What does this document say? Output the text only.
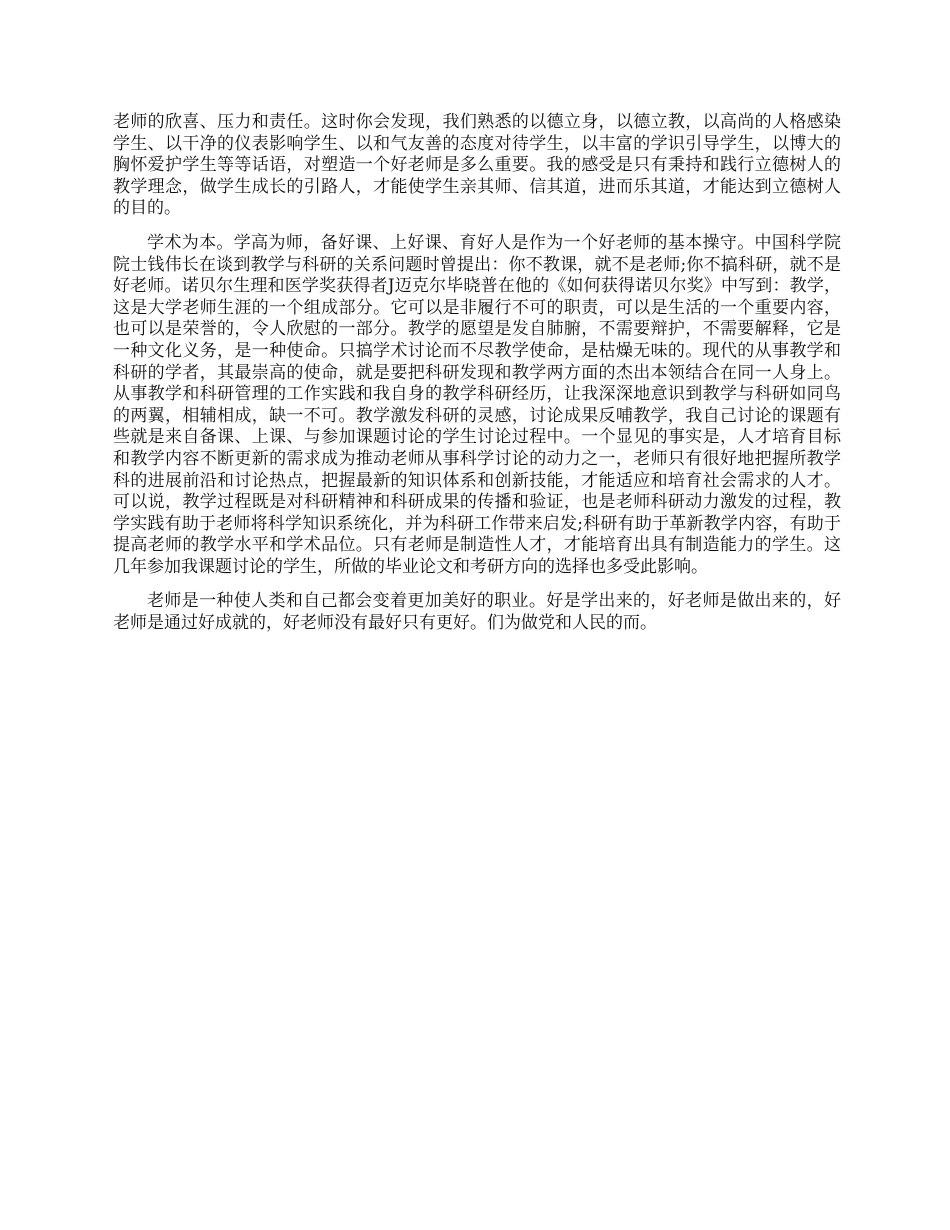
老师的欣喜、压力和责任。这时你会发现，我们熟悉的以德立身，以德立教，以高尚的人格感染学生、以干净的仪表影响学生、以和气友善的态度对待学生，以丰富的学识引导学生，以博大的胸怀爱护学生等等话语，对塑造一个好老师是多么重要。我的感受是只有秉持和践行立德树人的教学理念，做学生成长的引路人，才能使学生亲其师、信其道，进而乐其道，才能达到立德树人的目的。

学术为本。学高为师，备好课、上好课、育好人是作为一个好老师的基本操守。中国科学院院士钱伟长在谈到教学与科研的关系问题时曾提出：你不教课，就不是老师;你不搞科研，就不是好老师。诺贝尔生理和医学奖获得者J迈克尔毕晓普在他的《如何获得诺贝尔奖》中写到：教学，这是大学老师生涯的一个组成部分。它可以是非履行不可的职责，可以是生活的一个重要内容，也可以是荣誉的，令人欣慰的一部分。教学的愿望是发自肺腑，不需要辩护，不需要解释，它是一种文化义务，是一种使命。只搞学术讨论而不尽教学使命，是枯燥无味的。现代的从事教学和科研的学者，其最崇高的使命，就是要把科研发现和教学两方面的杰出本领结合在同一人身上。从事教学和科研管理的工作实践和我自身的教学科研经历，让我深深地意识到教学与科研如同鸟的两翼，相辅相成，缺一不可。教学激发科研的灵感，讨论成果反哺教学，我自己讨论的课题有些就是来自备课、上课、与参加课题讨论的学生讨论过程中。一个显见的事实是，人才培育目标和教学内容不断更新的需求成为推动老师从事科学讨论的动力之一，老师只有很好地把握所教学科的进展前沿和讨论热点，把握最新的知识体系和创新技能，才能适应和培育社会需求的人才。可以说，教学过程既是对科研精神和科研成果的传播和验证，也是老师科研动力激发的过程，教学实践有助于老师将科学知识系统化，并为科研工作带来启发;科研有助于革新教学内容，有助于提高老师的教学水平和学术品位。只有老师是制造性人才，才能培育出具有制造能力的学生。这几年参加我课题讨论的学生，所做的毕业论文和考研方向的选择也多受此影响。

老师是一种使人类和自己都会变着更加美好的职业。好是学出来的，好老师是做出来的，好老师是通过好成就的，好老师没有最好只有更好。们为做党和人民的而。
